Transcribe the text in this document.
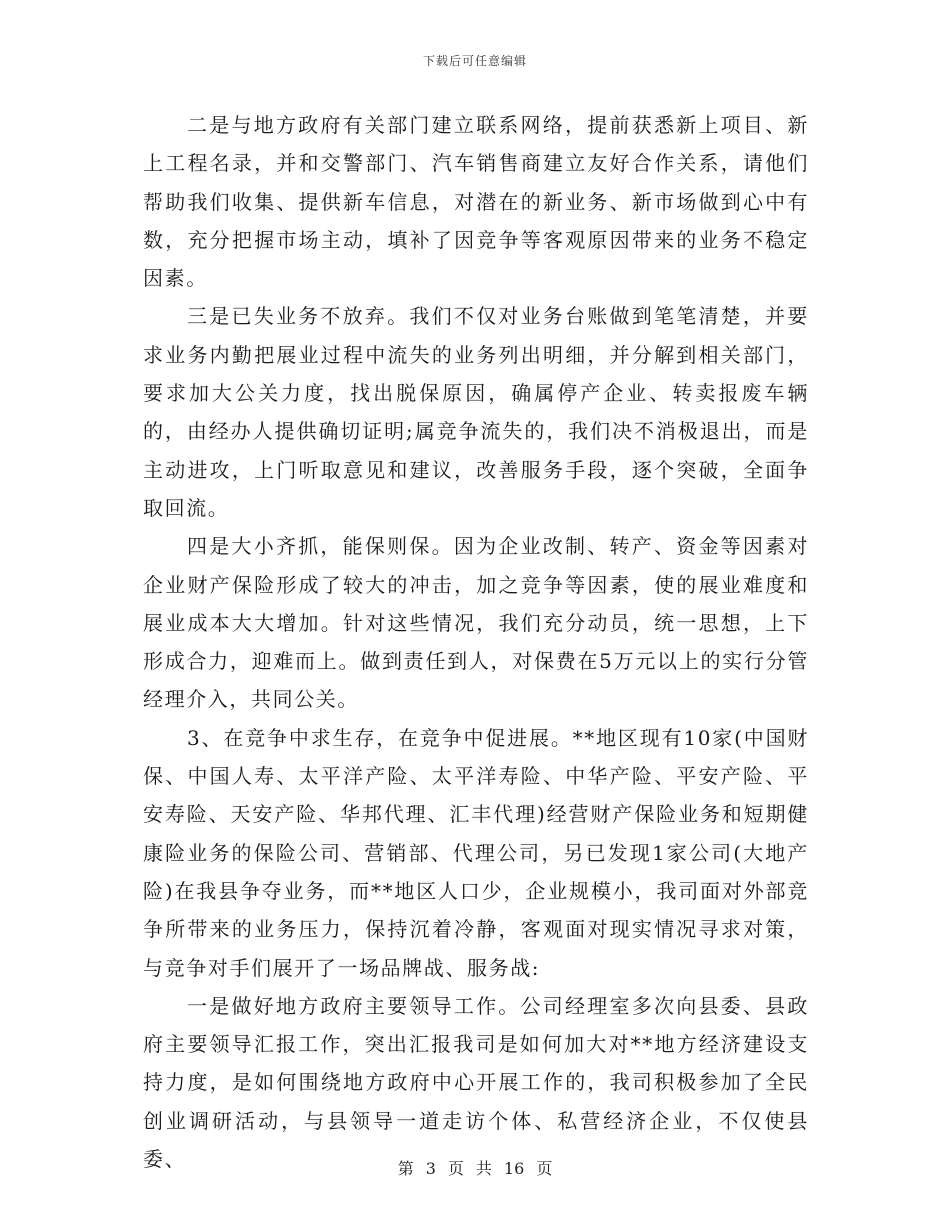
下载后可任意编辑

二是与地方政府有关部门建立联系网络，提前获悉新上项目、新上工程名录，并和交警部门、汽车销售商建立友好合作关系，请他们帮助我们收集、提供新车信息，对潜在的新业务、新市场做到心中有数，充分把握市场主动，填补了因竞争等客观原因带来的业务不稳定因素。

三是已失业务不放弃。我们不仅对业务台账做到笔笔清楚，并要求业务内勤把展业过程中流失的业务列出明细，并分解到相关部门，要求加大公关力度，找出脱保原因，确属停产企业、转卖报废车辆的，由经办人提供确切证明;属竞争流失的，我们决不消极退出，而是主动进攻，上门听取意见和建议，改善服务手段，逐个突破，全面争取回流。

四是大小齐抓，能保则保。因为企业改制、转产、资金等因素对企业财产保险形成了较大的冲击，加之竞争等因素，使的展业难度和展业成本大大增加。针对这些情况，我们充分动员，统一思想，上下形成合力，迎难而上。做到责任到人，对保费在5万元以上的实行分管经理介入，共同公关。

3、在竞争中求生存，在竞争中促进展。**地区现有10家(中国财保、中国人寿、太平洋产险、太平洋寿险、中华产险、平安产险、平安寿险、天安产险、华邦代理、汇丰代理)经营财产保险业务和短期健康险业务的保险公司、营销部、代理公司，另已发现1家公司(大地产险)在我县争夺业务，而**地区人口少，企业规模小，我司面对外部竞争所带来的业务压力，保持沉着冷静，客观面对现实情况寻求对策，与竞争对手们展开了一场品牌战、服务战:

一是做好地方政府主要领导工作。公司经理室多次向县委、县政府主要领导汇报工作，突出汇报我司是如何加大对**地方经济建设支持力度，是如何围绕地方政府中心开展工作的，我司积极参加了全民创业调研活动，与县领导一道走访个体、私营经济企业，不仅使县委、	第 3 页 共 16 页
